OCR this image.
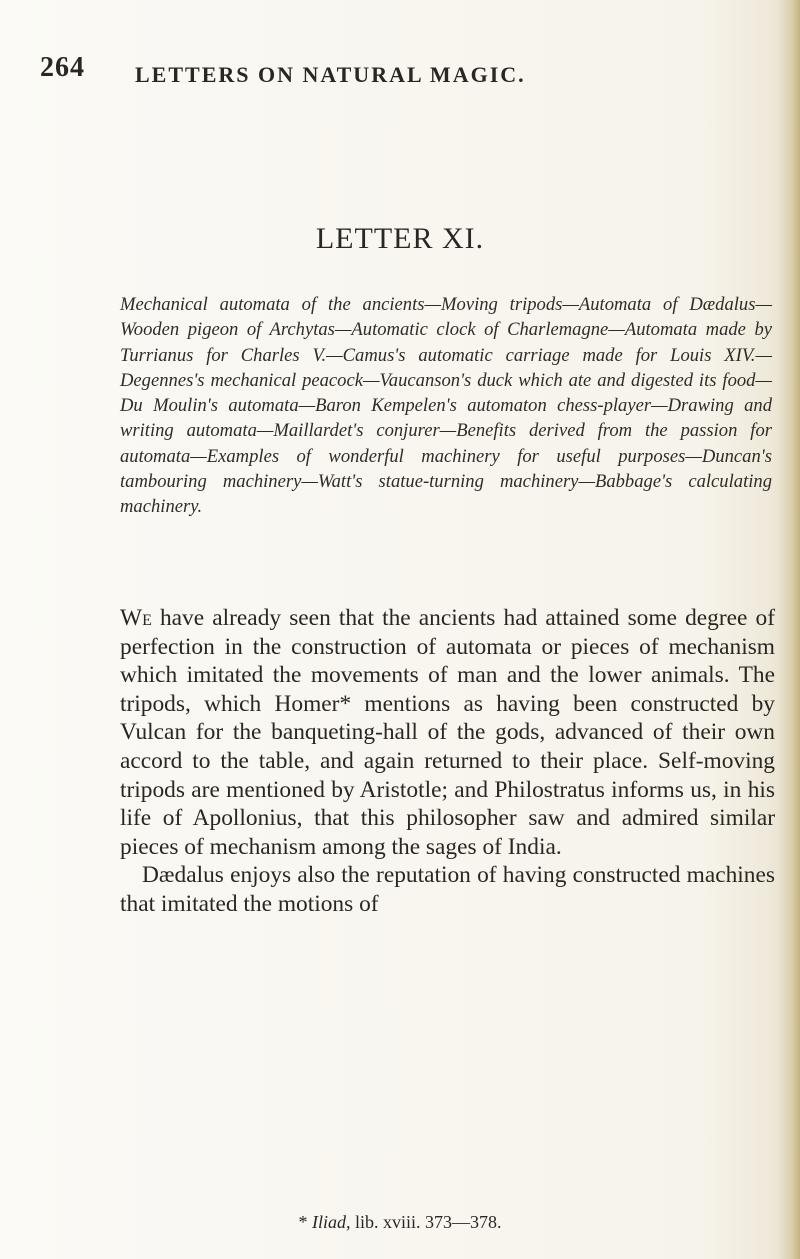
264 LETTERS ON NATURAL MAGIC.
LETTER XI.
Mechanical automata of the ancients—Moving tripods—Automata of Dædalus—Wooden pigeon of Archytas—Automatic clock of Charlemagne—Automata made by Turrianus for Charles V.—Camus's automatic carriage made for Louis XIV.—Degennes's mechanical peacock—Vaucanson's duck which ate and digested its food—Du Moulin's automata—Baron Kempelen's automaton chess-player—Drawing and writing automata—Maillardet's conjurer—Benefits derived from the passion for automata—Examples of wonderful machinery for useful purposes—Duncan's tambouring machinery—Watt's statue-turning machinery—Babbage's calculating machinery.

We have already seen that the ancients had attained some degree of perfection in the construction of automata or pieces of mechanism which imitated the movements of man and the lower animals. The tripods, which Homer* mentions as having been constructed by Vulcan for the banqueting-hall of the gods, advanced of their own accord to the table, and again returned to their place. Self-moving tripods are mentioned by Aristotle; and Philostratus informs us, in his life of Apollonius, that this philosopher saw and admired similar pieces of mechanism among the sages of India.

Dædalus enjoys also the reputation of having constructed machines that imitated the motions of

* Iliad, lib. xviii. 373—378.
